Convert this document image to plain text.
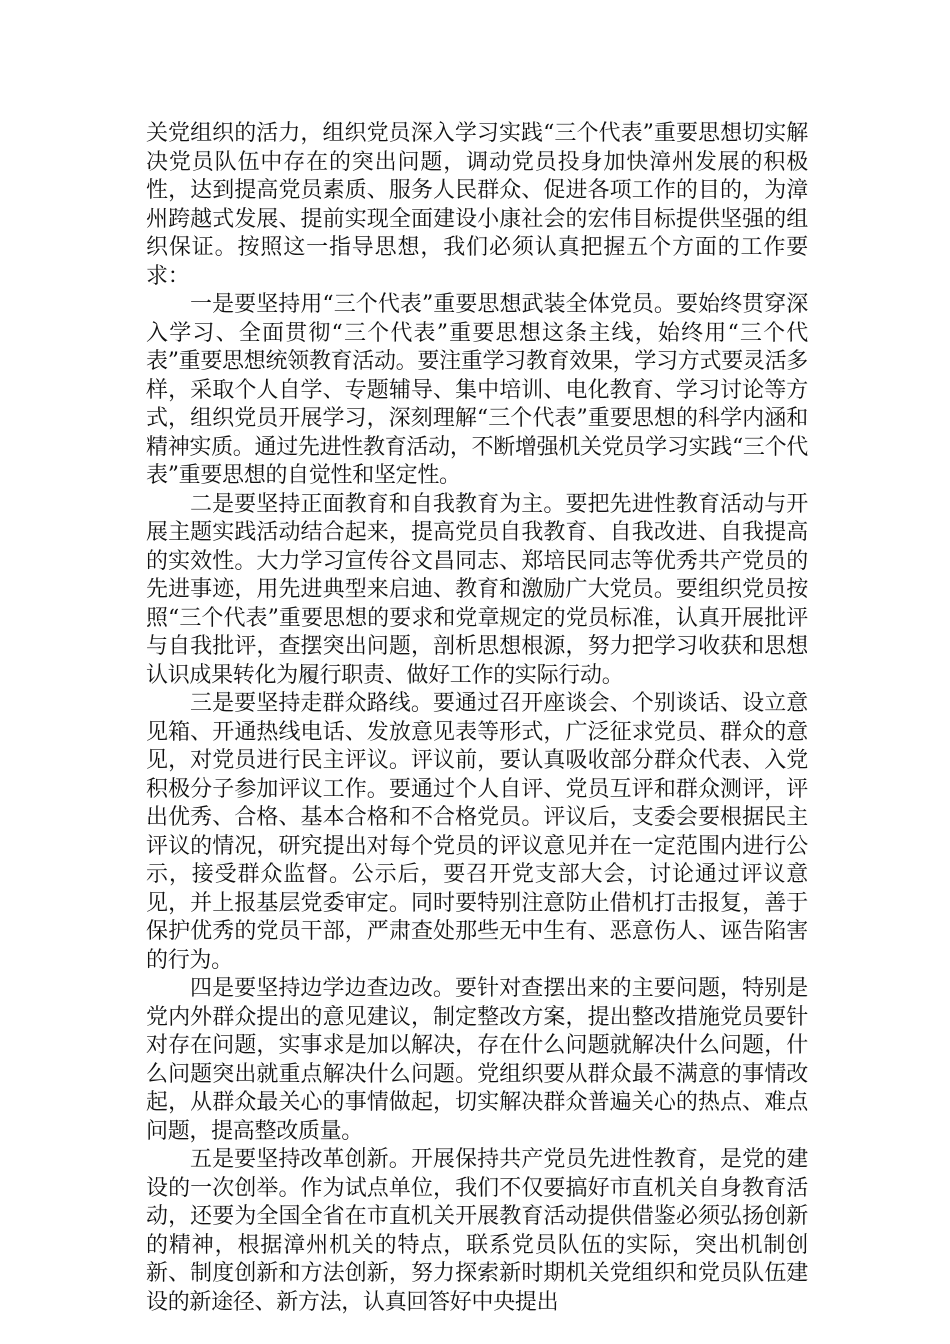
关党组织的活力，组织党员深入学习实践“三个代表”重要思想切实解决党员队伍中存在的突出问题，调动党员投身加快漳州发展的积极性，达到提高党员素质、服务人民群众、促进各项工作的目的，为漳州跨越式发展、提前实现全面建设小康社会的宏伟目标提供坚强的组织保证。按照这一指导思想，我们必须认真把握五个方面的工作要求：

一是要坚持用“三个代表”重要思想武装全体党员。要始终贯穿深入学习、全面贯彻“三个代表”重要思想这条主线，始终用“三个代表”重要思想统领教育活动。要注重学习教育效果，学习方式要灵活多样，采取个人自学、专题辅导、集中培训、电化教育、学习讨论等方式，组织党员开展学习，深刻理解“三个代表”重要思想的科学内涵和精神实质。通过先进性教育活动，不断增强机关党员学习实践“三个代表”重要思想的自觉性和坚定性。

二是要坚持正面教育和自我教育为主。要把先进性教育活动与开展主题实践活动结合起来，提高党员自我教育、自我改进、自我提高的实效性。大力学习宣传谷文昌同志、郑培民同志等优秀共产党员的先进事迹，用先进典型来启迪、教育和激励广大党员。要组织党员按照“三个代表”重要思想的要求和党章规定的党员标准，认真开展批评与自我批评，查摆突出问题，剖析思想根源，努力把学习收获和思想认识成果转化为履行职责、做好工作的实际行动。

三是要坚持走群众路线。要通过召开座谈会、个别谈话、设立意见箱、开通热线电话、发放意见表等形式，广泛征求党员、群众的意见，对党员进行民主评议。评议前，要认真吸收部分群众代表、入党积极分子参加评议工作。要通过个人自评、党员互评和群众测评，评出优秀、合格、基本合格和不合格党员。评议后，支委会要根据民主评议的情况，研究提出对每个党员的评议意见并在一定范围内进行公示，接受群众监督。公示后，要召开党支部大会，讨论通过评议意见，并上报基层党委审定。同时要特别注意防止借机打击报复，善于保护优秀的党员干部，严肃查处那些无中生有、恶意伤人、诬告陷害的行为。

四是要坚持边学边查边改。要针对查摆出来的主要问题，特别是党内外群众提出的意见建议，制定整改方案，提出整改措施党员要针对存在问题，实事求是加以解决，存在什么问题就解决什么问题，什么问题突出就重点解决什么问题。党组织要从群众最不满意的事情改起，从群众最关心的事情做起，切实解决群众普遍关心的热点、难点问题，提高整改质量。

五是要坚持改革创新。开展保持共产党员先进性教育，是党的建设的一次创举。作为试点单位，我们不仅要搞好市直机关自身教育活动，还要为全国全省在市直机关开展教育活动提供借鉴必须弘扬创新的精神，根据漳州机关的特点，联系党员队伍的实际，突出机制创新、制度创新和方法创新，努力探索新时期机关党组织和党员队伍建设的新途径、新方法，认真回答好中央提出
